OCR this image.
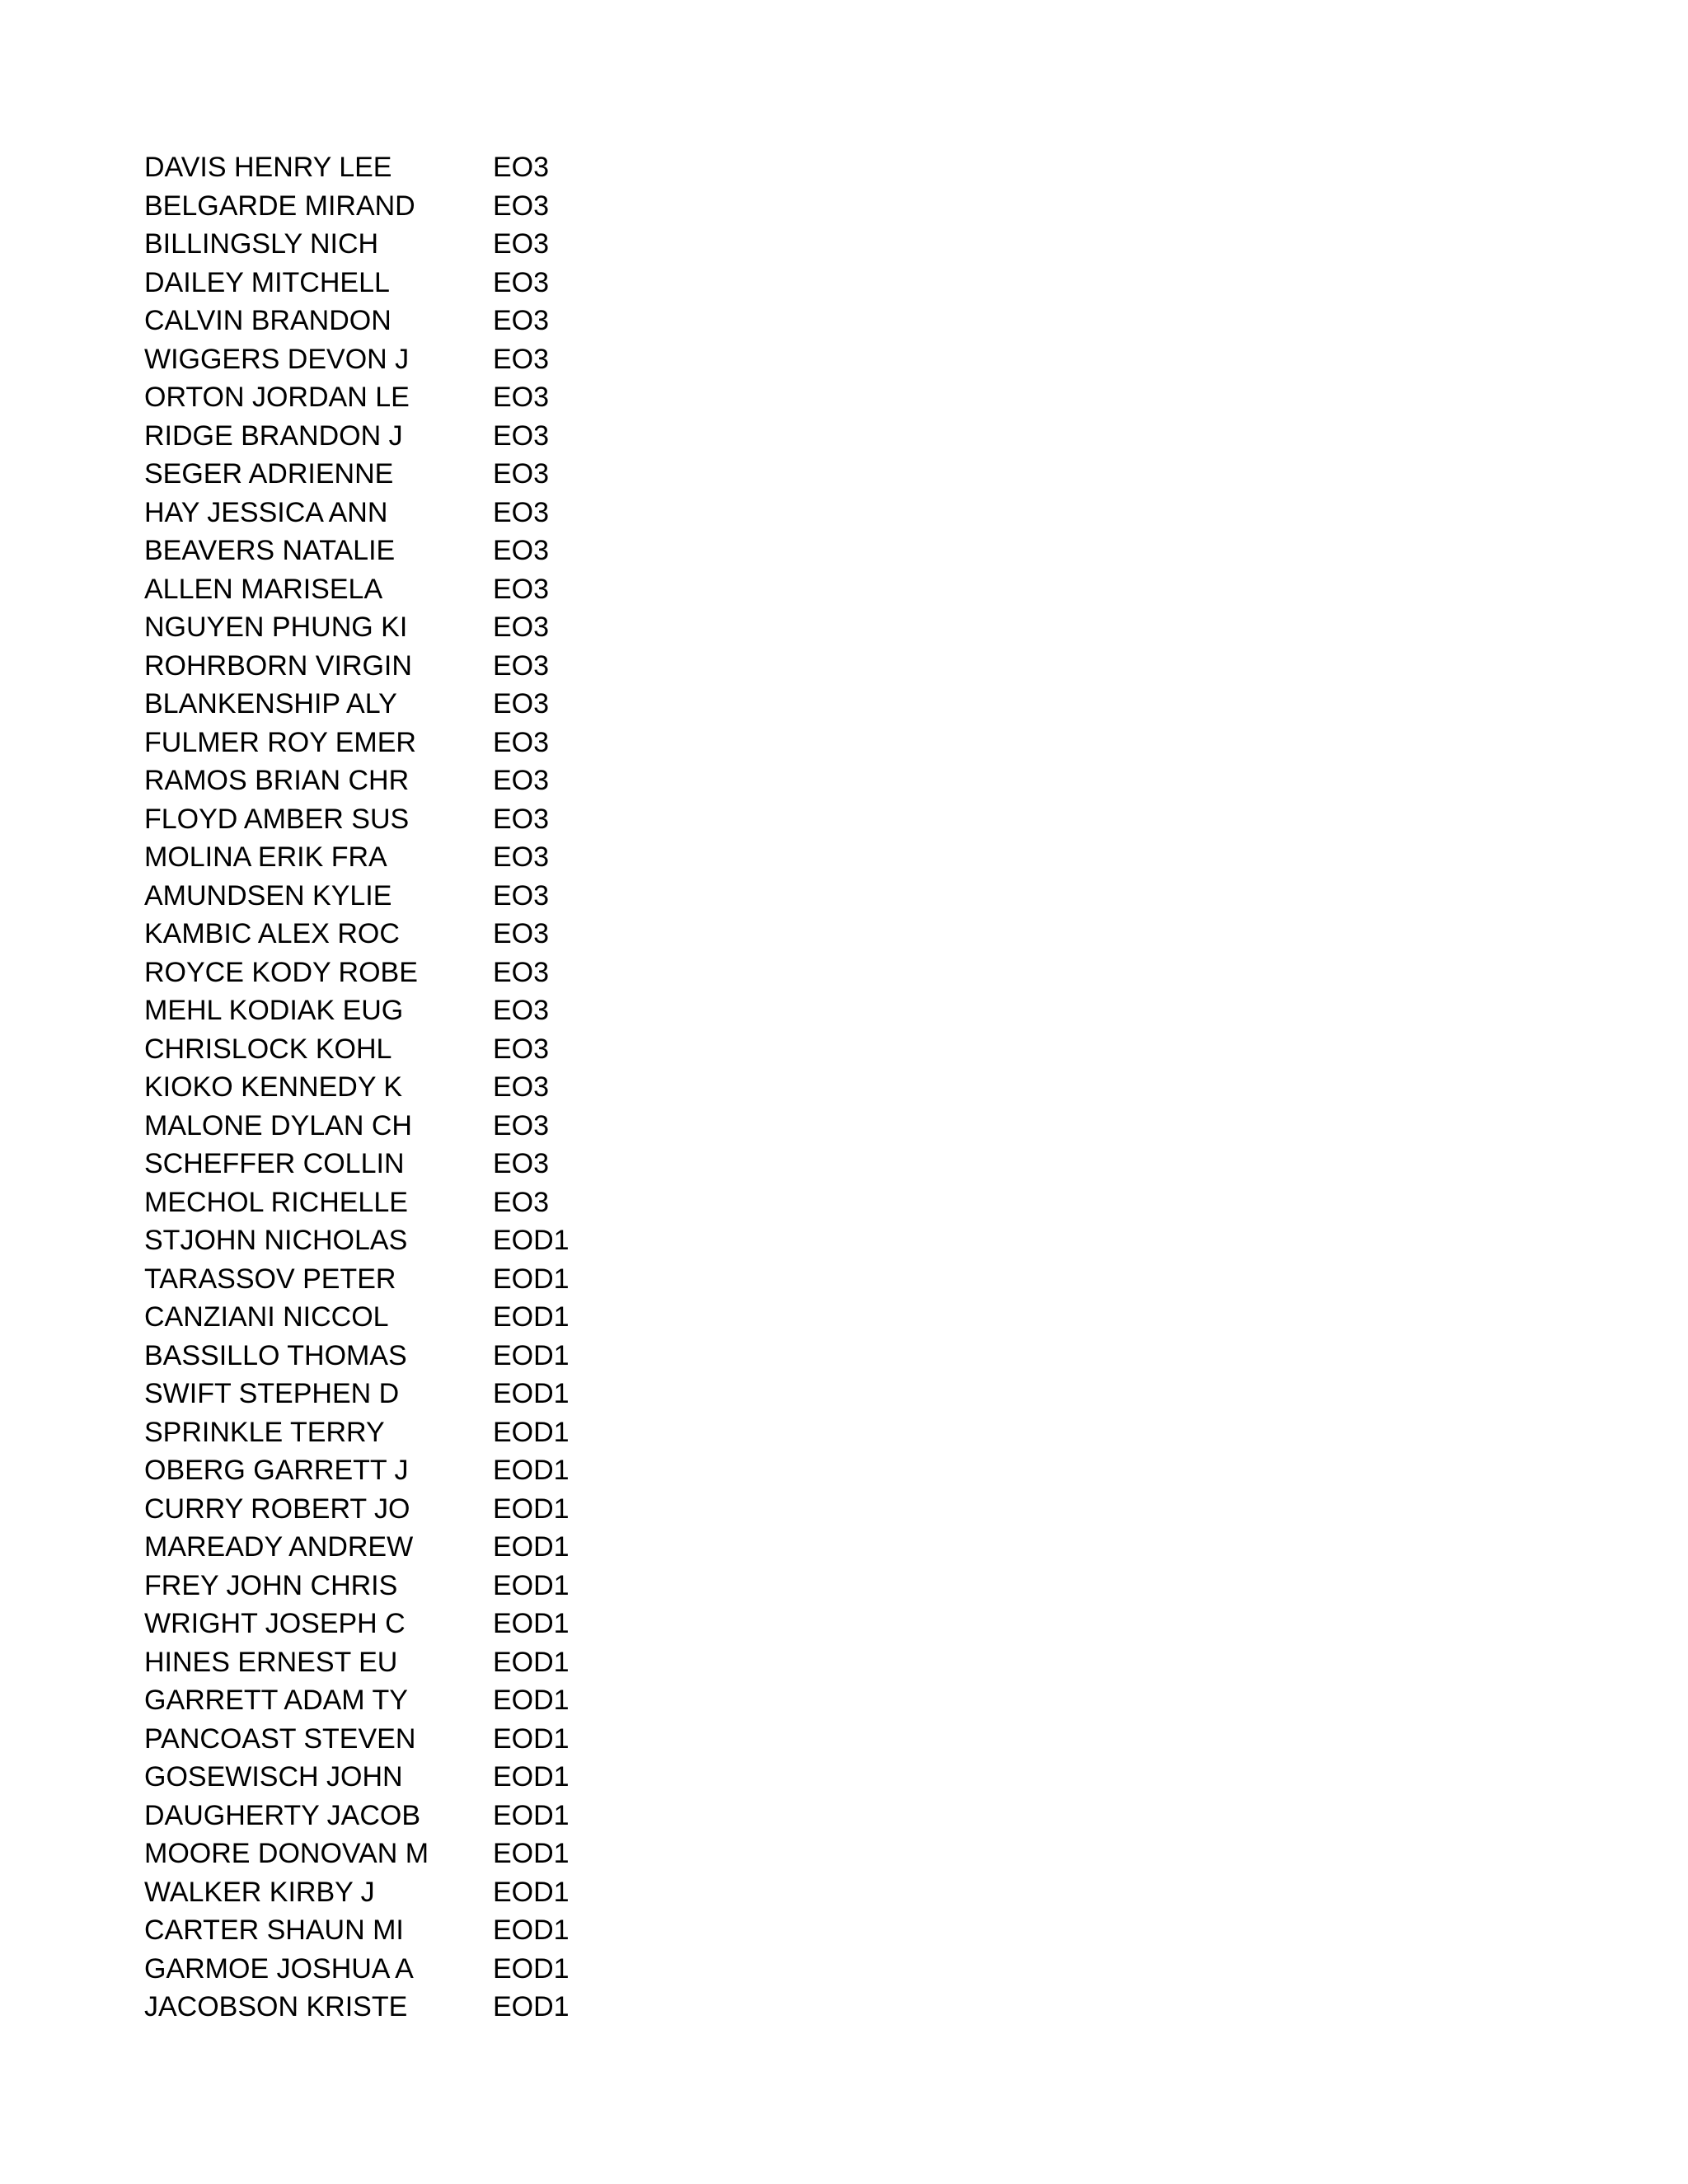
DAVIS HENRY LEE	EO3
BELGARDE MIRAND	EO3
BILLINGSLY NICH	EO3
DAILEY MITCHELL	EO3
CALVIN BRANDON	EO3
WIGGERS DEVON J	EO3
ORTON JORDAN LE	EO3
RIDGE BRANDON J	EO3
SEGER ADRIENNE	EO3
HAY JESSICA ANN	EO3
BEAVERS NATALIE	EO3
ALLEN MARISELA	EO3
NGUYEN PHUNG KI	EO3
ROHRBORN VIRGIN	EO3
BLANKENSHIP ALY	EO3
FULMER ROY EMER	EO3
RAMOS BRIAN CHR	EO3
FLOYD AMBER SUS	EO3
MOLINA ERIK FRA	EO3
AMUNDSEN KYLIE	EO3
KAMBIC ALEX ROC	EO3
ROYCE KODY ROBE	EO3
MEHL KODIAK EUG	EO3
CHRISLOCK KOHL	EO3
KIOKO KENNEDY K	EO3
MALONE DYLAN CH	EO3
SCHEFFER COLLIN	EO3
MECHOL RICHELLE	EO3
STJOHN NICHOLAS	EOD1
TARASSOV PETER	EOD1
CANZIANI NICCOL	EOD1
BASSILLO THOMAS	EOD1
SWIFT STEPHEN D	EOD1
SPRINKLE TERRY	EOD1
OBERG GARRETT J	EOD1
CURRY ROBERT JO	EOD1
MAREADY ANDREW	EOD1
FREY JOHN CHRIS	EOD1
WRIGHT JOSEPH C	EOD1
HINES ERNEST EU	EOD1
GARRETT ADAM TY	EOD1
PANCOAST STEVEN	EOD1
GOSEWISCH JOHN	EOD1
DAUGHERTY JACOB	EOD1
MOORE DONOVAN M	EOD1
WALKER KIRBY J	EOD1
CARTER SHAUN MI	EOD1
GARMOE JOSHUA A	EOD1
JACOBSON KRISTE	EOD1
